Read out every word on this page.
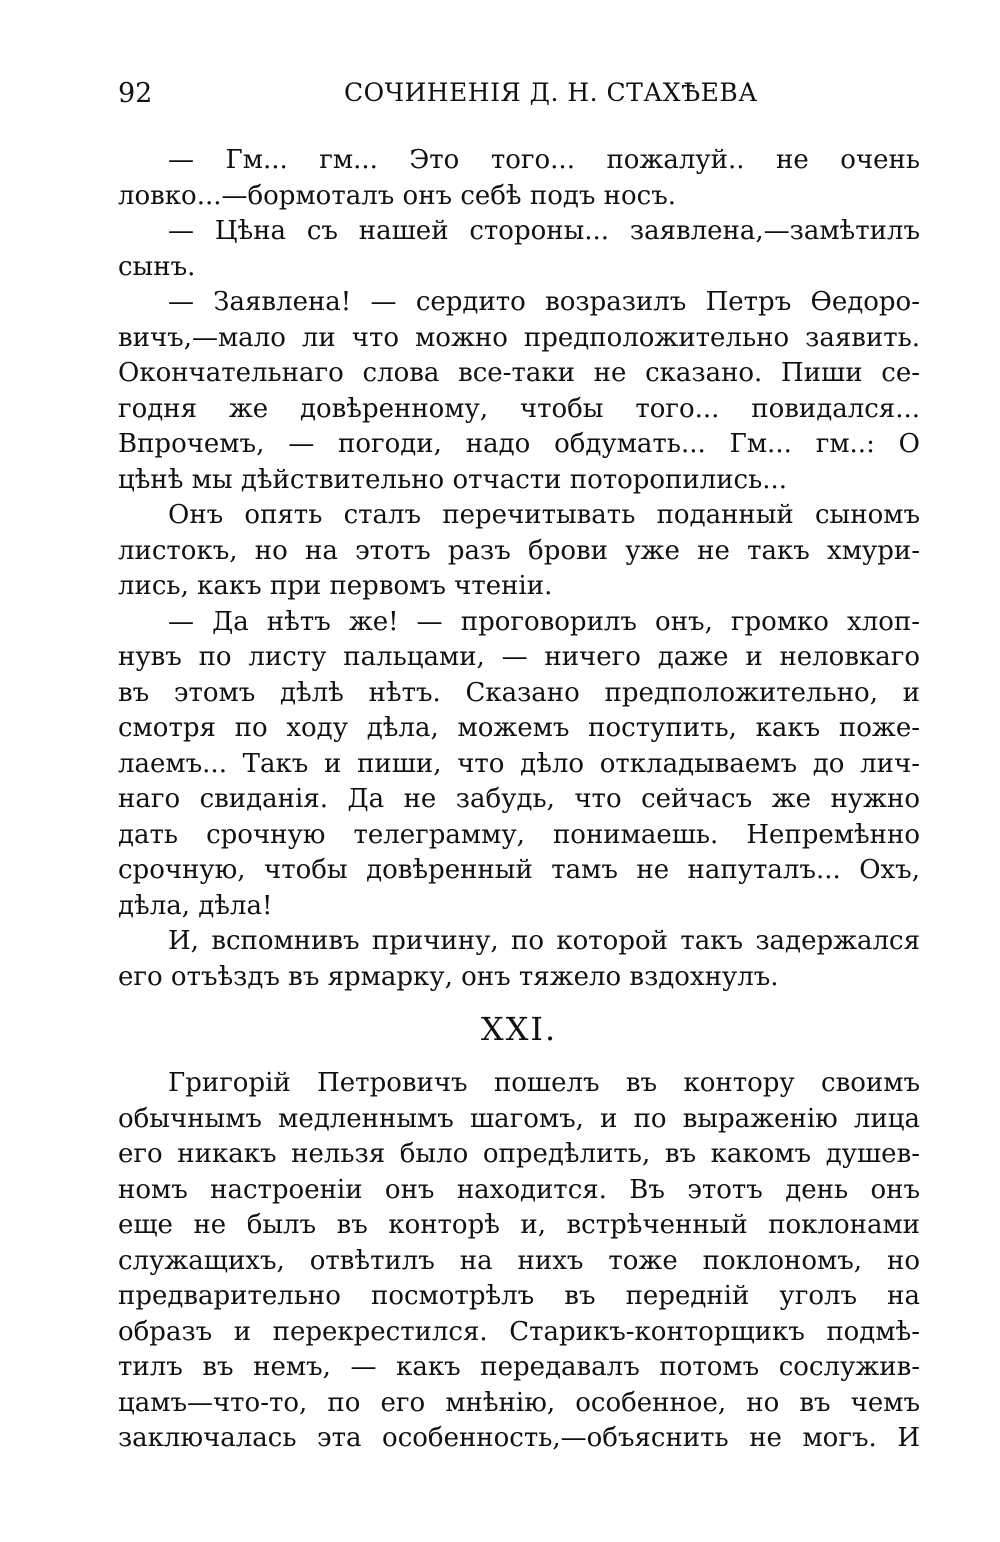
92	СОЧИНЕНІЯ Д. Н. СТАХѢЕВА
— Гм... гм... Это того... пожалуй.. не очень
ловко...—бормоталъ онъ себѣ подъ носъ.
— Цѣна съ нашей стороны... заявлена,—замѣтилъ
сынъ.
— Заявлена! — сердито возразилъ Петръ Ѳедоро-
вичъ,—мало ли что можно предположительно заявить.
Окончательнаго слова все-таки не сказано. Пиши се-
годня же довѣренному, чтобы того... повидался...
Впрочемъ, — погоди, надо обдумать... Гм... гм..: О
цѣнѣ мы дѣйствительно отчасти поторопились...
Онъ опять сталъ перечитывать поданный сыномъ
листокъ, но на этотъ разъ брови уже не такъ хмури-
лись, какъ при первомъ чтеніи.
— Да нѣтъ же! — проговорилъ онъ, громко хлоп-
нувъ по листу пальцами, — ничего даже и неловкаго
въ этомъ дѣлѣ нѣтъ. Сказано предположительно, и
смотря по ходу дѣла, можемъ поступить, какъ поже-
лаемъ... Такъ и пиши, что дѣло откладываемъ до лич-
наго свиданія. Да не забудь, что сейчасъ же нужно
дать срочную телеграмму, понимаешь. Непремѣнно
срочную, чтобы довѣренный тамъ не напуталъ... Охъ,
дѣла, дѣла!
И, вспомнивъ причину, по которой такъ задержался
его отъѣздъ въ ярмарку, онъ тяжело вздохнулъ.
XXI.
Григорій Петровичъ пошелъ въ контору своимъ
обычнымъ медленнымъ шагомъ, и по выраженію лица
его никакъ нельзя было опредѣлить, въ какомъ душев-
номъ настроеніи онъ находится. Въ этотъ день онъ
еще не былъ въ конторѣ и, встрѣченный поклонами
служащихъ, отвѣтилъ на нихъ тоже поклономъ, но
предварительно посмотрѣлъ въ передній уголъ на
образъ и перекрестился. Старикъ-конторщикъ подмѣ-
тилъ въ немъ, — какъ передавалъ потомъ сослужив-
цамъ—что-то, по его мнѣнію, особенное, но въ чемъ
заключалась эта особенность,—объяснить не могъ. И
